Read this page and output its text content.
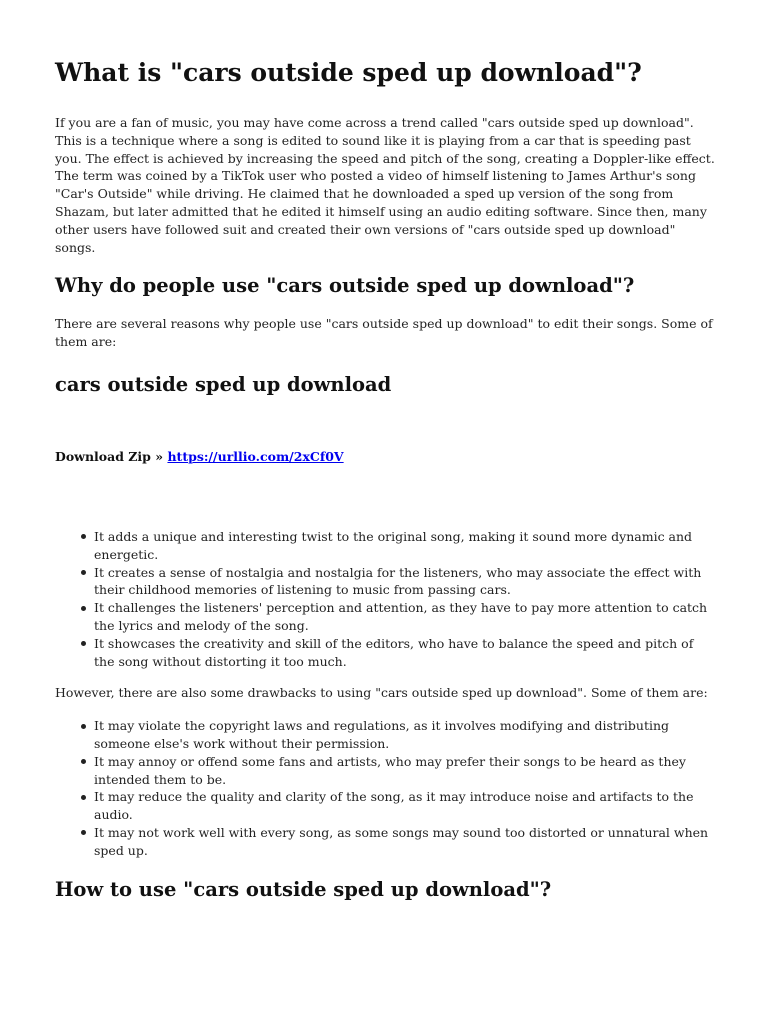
What is "cars outside sped up download"?

If you are a fan of music, you may have come across a trend called "cars outside sped up download". This is a technique where a song is edited to sound like it is playing from a car that is speeding past you. The effect is achieved by increasing the speed and pitch of the song, creating a Doppler-like effect. The term was coined by a TikTok user who posted a video of himself listening to James Arthur's song "Car's Outside" while driving. He claimed that he downloaded a sped up version of the song from Shazam, but later admitted that he edited it himself using an audio editing software. Since then, many other users have followed suit and created their own versions of "cars outside sped up download" songs.

Why do people use "cars outside sped up download"?

There are several reasons why people use "cars outside sped up download" to edit their songs. Some of them are:

cars outside sped up download
Download Zip » https://urllio.com/2xCf0V
It adds a unique and interesting twist to the original song, making it sound more dynamic and energetic.
It creates a sense of nostalgia and nostalgia for the listeners, who may associate the effect with their childhood memories of listening to music from passing cars.
It challenges the listeners' perception and attention, as they have to pay more attention to catch the lyrics and melody of the song.
It showcases the creativity and skill of the editors, who have to balance the speed and pitch of the song without distorting it too much.

However, there are also some drawbacks to using "cars outside sped up download". Some of them are:

It may violate the copyright laws and regulations, as it involves modifying and distributing someone else's work without their permission.
It may annoy or offend some fans and artists, who may prefer their songs to be heard as they intended them to be.
It may reduce the quality and clarity of the song, as it may introduce noise and artifacts to the audio.
It may not work well with every song, as some songs may sound too distorted or unnatural when sped up.
How to use "cars outside sped up download"?
